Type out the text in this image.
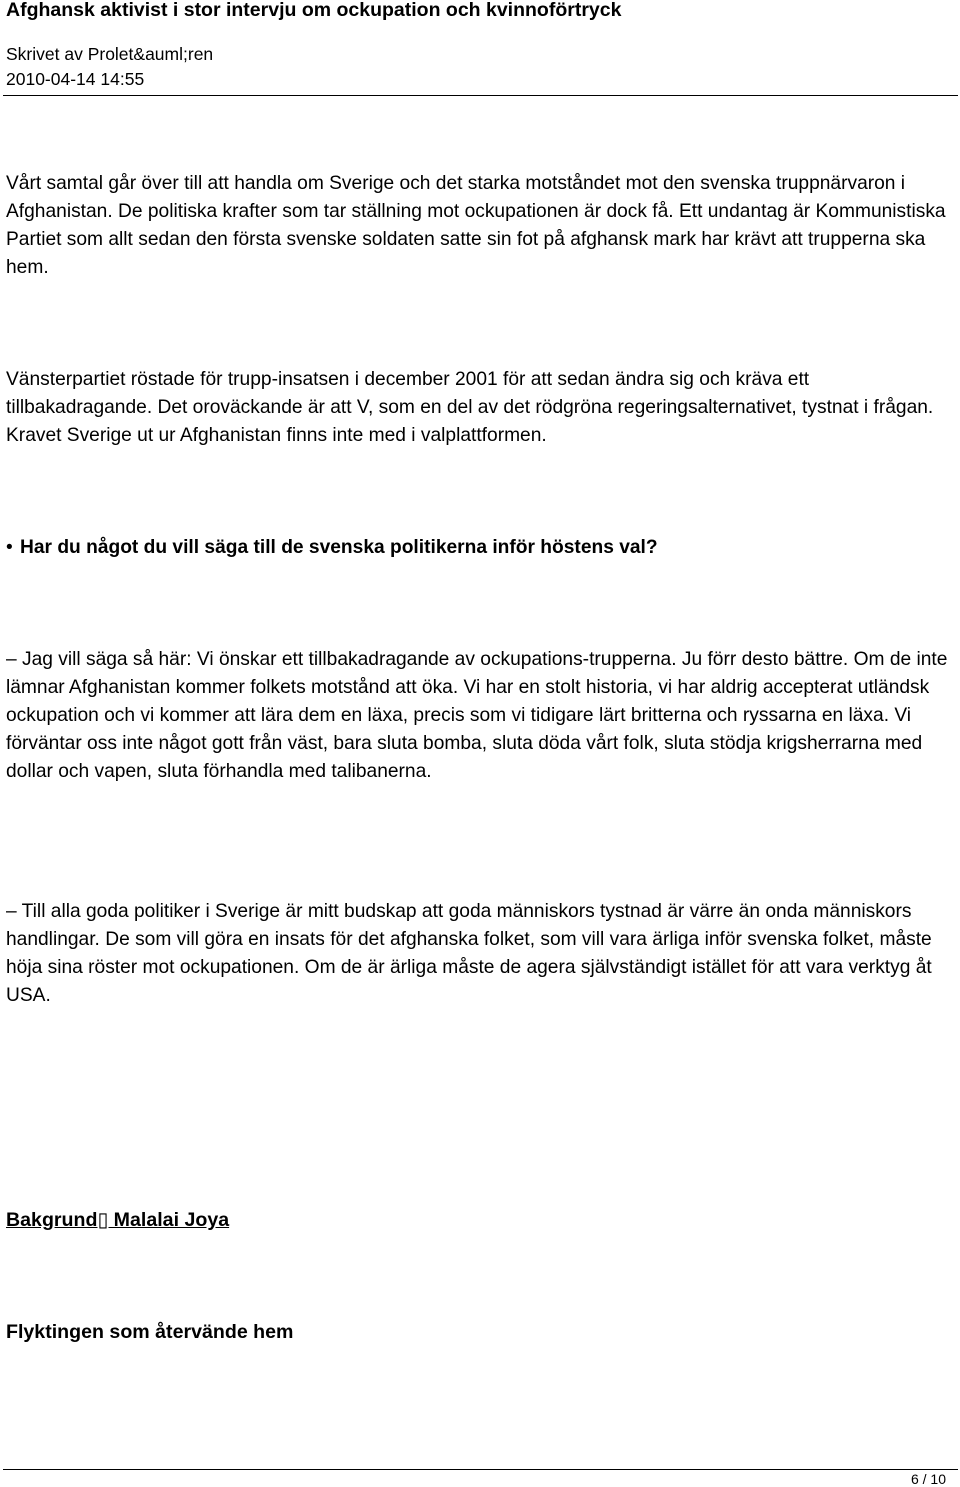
Afghansk aktivist i stor intervju om ockupation och kvinnoförtryck
Skrivet av Prolet&auml;ren
2010-04-14 14:55

Vårt samtal går över till att handla om Sverige och det starka motståndet mot den svenska truppnärvaron i Afghanistan. De politiska krafter som tar ställning mot ockupationen är dock få. Ett undantag är Kommunistiska Partiet som allt sedan den första svenske soldaten satte sin fot på afghansk mark har krävt att trupperna ska hem.

Vänsterpartiet röstade för trupp-insatsen i december 2001 för att sedan ändra sig och kräva ett tillbakadragande. Det oroväckande är att V, som en del av det rödgröna regeringsalternativet, tystnat i frågan. Kravet Sverige ut ur Afghanistan finns inte med i valplattformen.

• Har du något du vill säga till de svenska politikerna inför höstens val?

– Jag vill säga så här: Vi önskar ett tillbakadragande av ockupations-trupperna. Ju förr desto bättre. Om de inte lämnar Afghanistan kommer folkets motstånd att öka. Vi har en stolt historia, vi har aldrig accepterat utländsk ockupation och vi kommer att lära dem en läxa, precis som vi tidigare lärt britterna och ryssarna en läxa. Vi förväntar oss inte något gott från väst, bara sluta bomba, sluta döda vårt folk, sluta stödja krigsherrarna med dollar och vapen, sluta förhandla med talibanerna.

– Till alla goda politiker i Sverige är mitt budskap att goda människors tystnad är värre än onda människors handlingar. De som vill göra en insats för det afghanska folket, som vill vara ärliga inför svenska folket, måste höja sina röster mot ockupationen. Om de är ärliga måste de agera självständigt istället för att vara verktyg åt USA.

Bakgrund▯ Malalai Joya
Flyktingen som återvände hem
6 / 10
